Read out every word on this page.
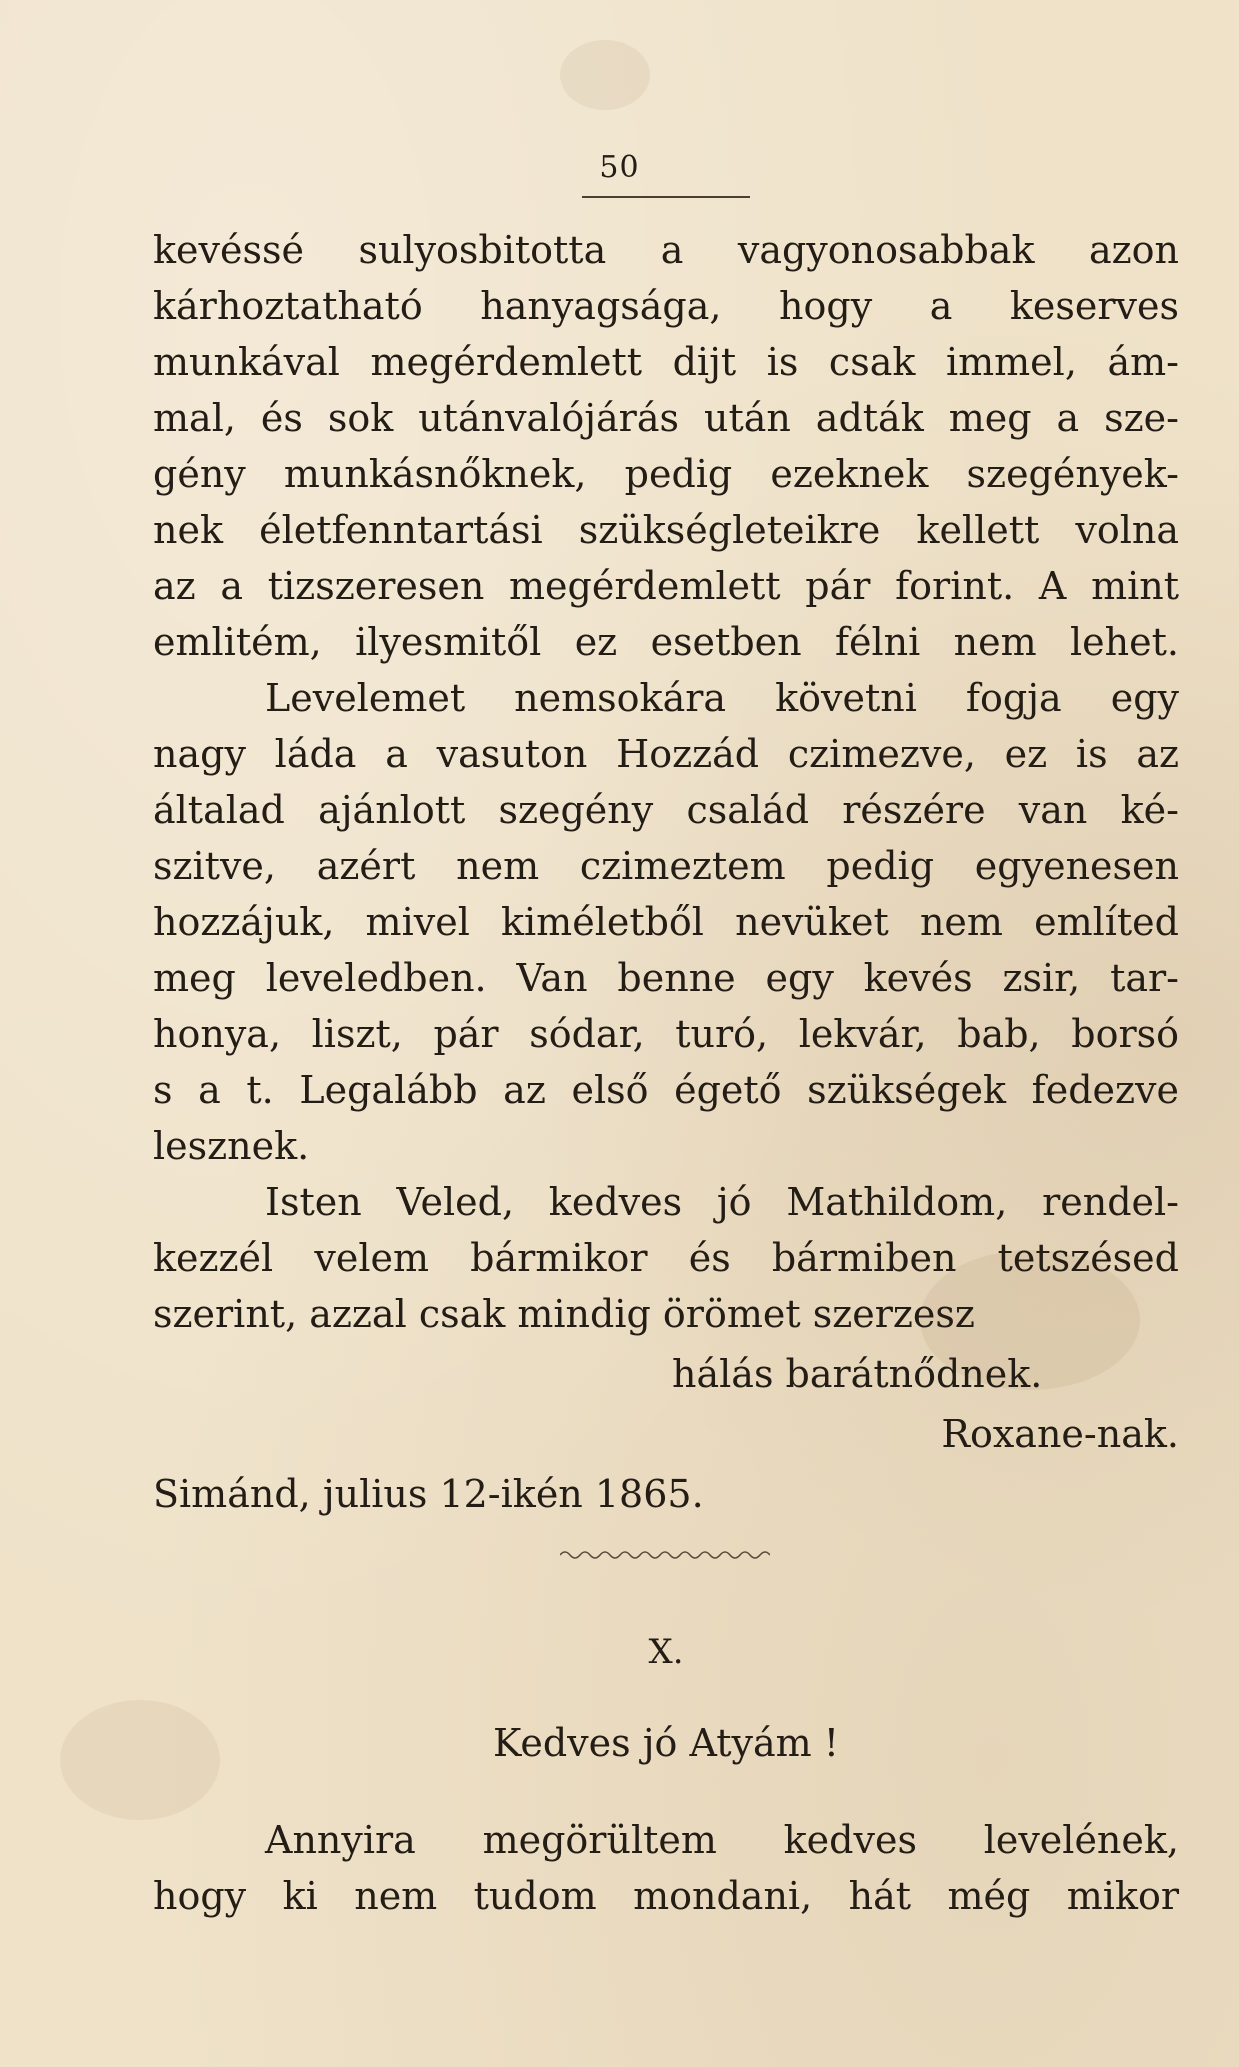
50
kevéssé sulyosbitotta a vagyonosabbak azon
kárhoztatható hanyagsága, hogy a keserves
munkával megérdemlett dijt is csak immel, ám-
mal, és sok utánvalójárás után adták meg a sze-
gény munkásnőknek, pedig ezeknek szegények-
nek életfenntartási szükségleteikre kellett volna
az a tizszeresen megérdemlett pár forint. A mint
emlitém, ilyesmitől ez esetben félni nem lehet.
Levelemet nemsokára követni fogja egy
nagy láda a vasuton Hozzád czimezve, ez is az
általad ajánlott szegény család részére van ké-
szitve, azért nem czimeztem pedig egyenesen
hozzájuk, mivel kiméletből nevüket nem említed
meg leveledben. Van benne egy kevés zsir, tar-
honya, liszt, pár sódar, turó, lekvár, bab, borsó
s a t. Legalább az első égető szükségek fedezve
lesznek.
Isten Veled, kedves jó Mathildom, rendel-
kezzél velem bármikor és bármiben tetszésed
szerint, azzal csak mindig örömet szerzesz
hálás barátnődnek.
Roxane-nak.
Simánd, julius 12-ikén 1865.
X.
Kedves jó Atyám !
Annyira megörültem kedves levelének,
hogy ki nem tudom mondani, hát még mikor
